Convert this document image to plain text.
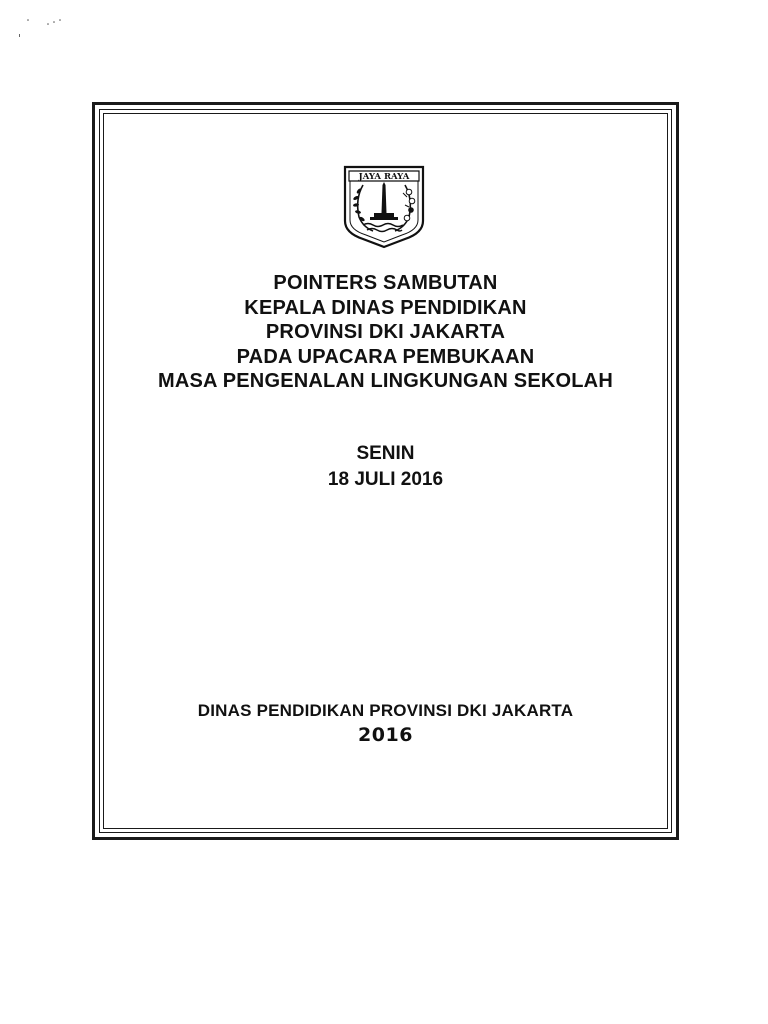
JAYA RAYA
POINTERS SAMBUTAN
KEPALA DINAS PENDIDIKAN
PROVINSI DKI JAKARTA
PADA UPACARA PEMBUKAAN
MASA PENGENALAN LINGKUNGAN SEKOLAH
SENIN
18 JULI 2016
DINAS PENDIDIKAN PROVINSI DKI JAKARTA
2016
